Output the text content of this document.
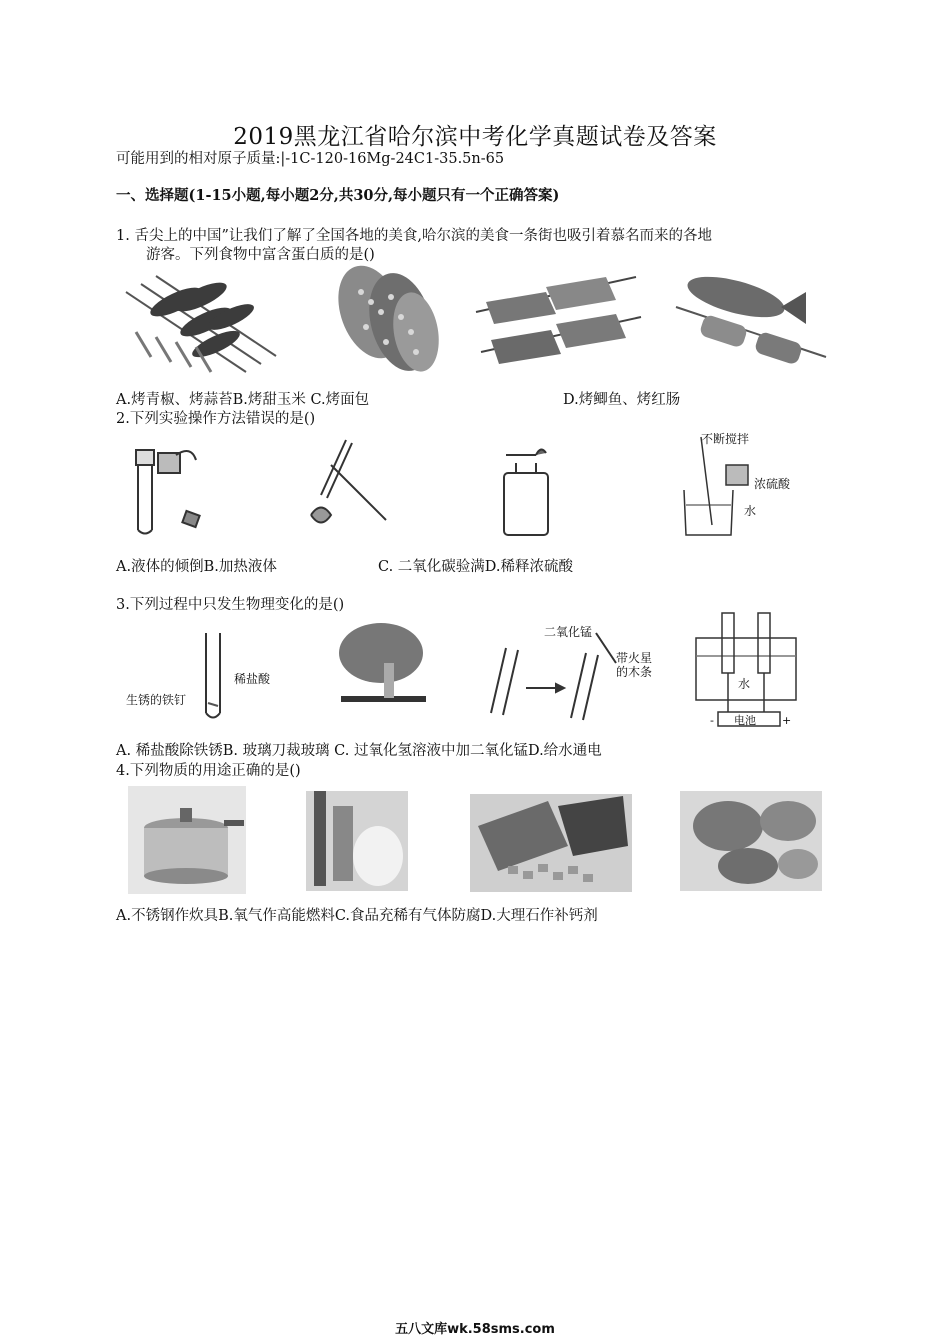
2019黑龙江省哈尔滨中考化学真题试卷及答案
可能用到的相对原子质量:|-1C-120-16Mg-24C1-35.5n-65
一、选择题(1-15小题,每小题2分,共30分,每小题只有一个正确答案)
1. 舌尖上的中国”让我们了解了全国各地的美食,哈尔滨的美食一条街也吸引着慕名而来的各地
游客。下列食物中富含蛋白质的是()
A.烤青椒、烤蒜苔B.烤甜玉米 C.烤面包	D.烤鲫鱼、烤红肠
2.下列实验操作方法错误的是()
不断搅拌
浓硫酸
水
A.液体的倾倒B.加热液体	C. 二氧化碳验满D.稀释浓硫酸
3.下列过程中只发生物理变化的是()
稀盐酸
生锈的铁钉
二氧化锰
带火星
的木条
水
电池
-	+
A. 稀盐酸除铁锈B. 玻璃刀裁玻璃 C. 过氧化氢溶液中加二氧化锰D.给水通电
4.下列物质的用途正确的是()
A.不锈钢作炊具B.氧气作高能燃料C.食品充稀有气体防腐D.大理石作补钙剂
五八文库wk.58sms.com
